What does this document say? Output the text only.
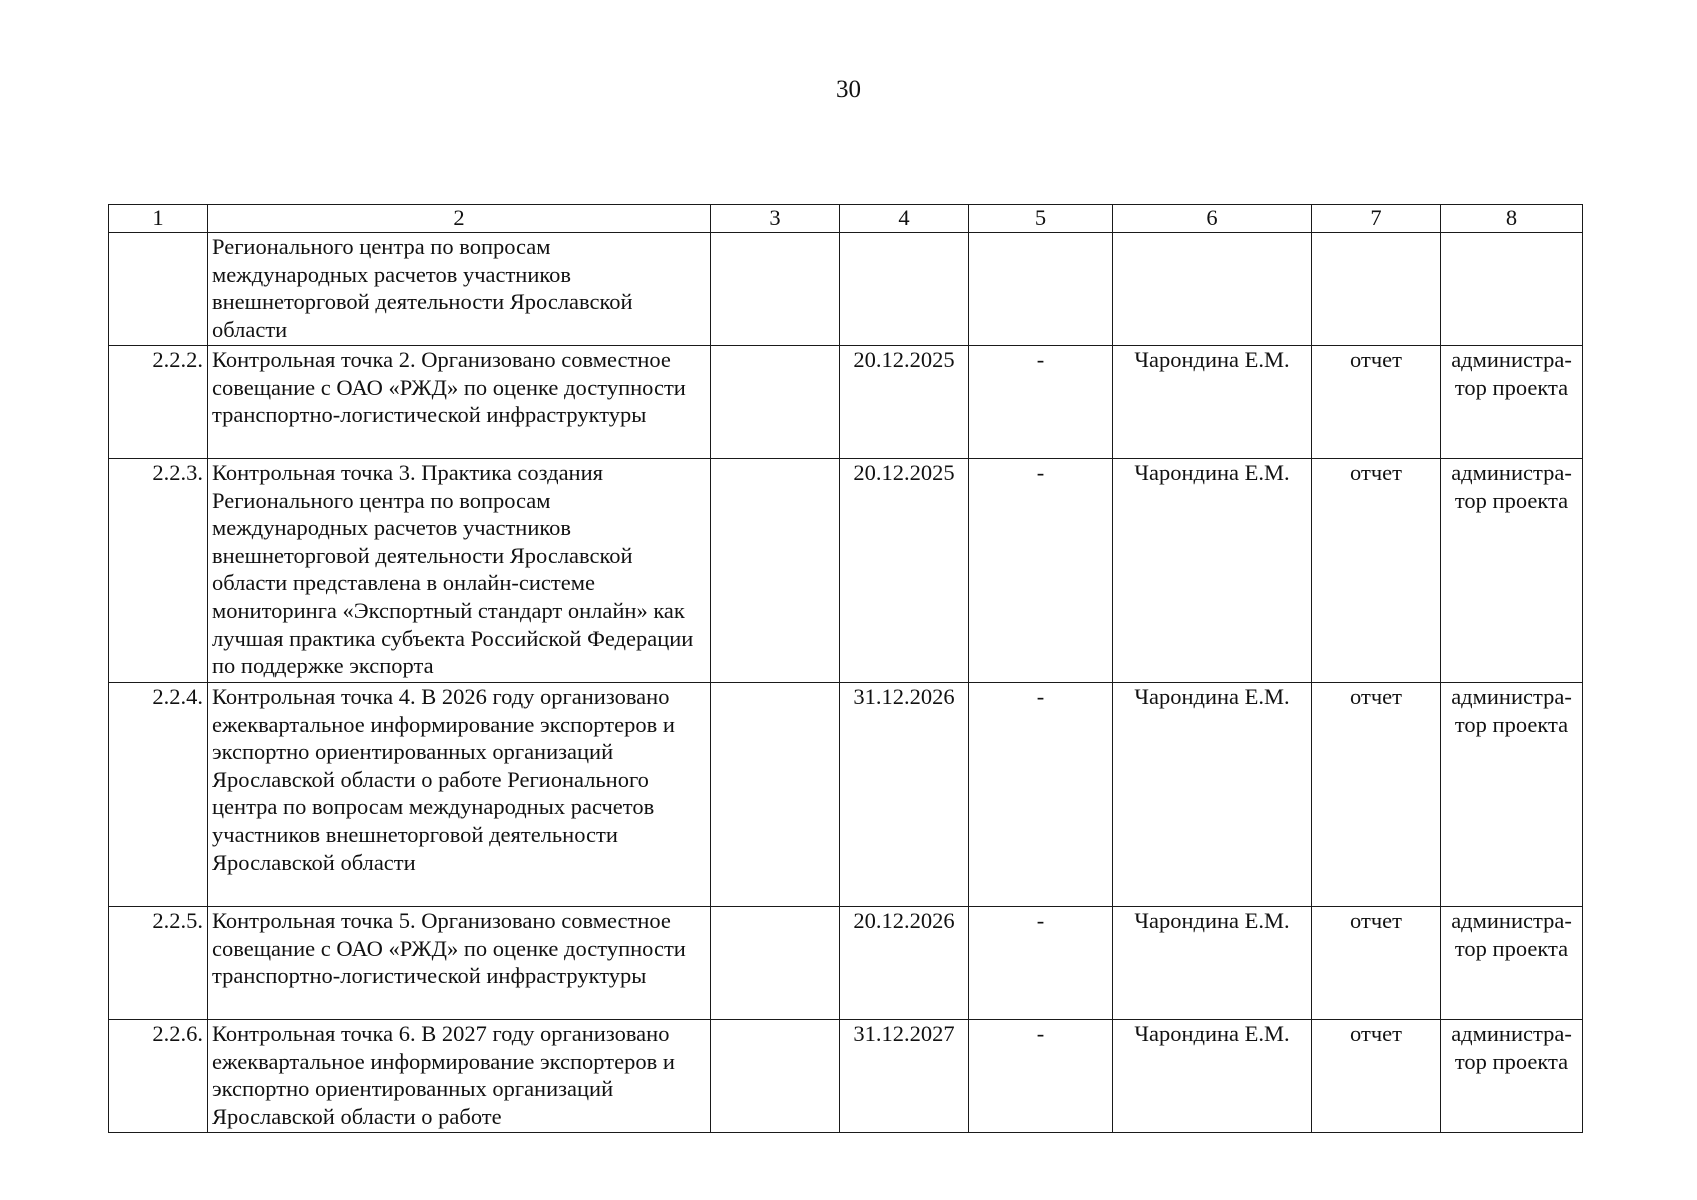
30
1	2	3	4	5	6	7	8
	Регионального центра по вопросам международных расчетов участников внешнеторговой деятельности Ярославской области						
2.2.2.	Контрольная точка 2. Организовано совместное совещание с ОАО «РЖД» по оценке доступности транспортно-логистической инфраструктуры		20.12.2025	-	Чарондина Е.М.	отчет	администра-тор проекта
2.2.3.	Контрольная точка 3. Практика создания Регионального центра по вопросам международных расчетов участников внешнеторговой деятельности Ярославской области представлена в онлайн-системе мониторинга «Экспортный стандарт онлайн» как лучшая практика субъекта Российской Федерации по поддержке экспорта		20.12.2025	-	Чарондина Е.М.	отчет	администра-тор проекта
2.2.4.	Контрольная точка 4. В 2026 году организовано ежеквартальное информирование экспортеров и экспортно ориентированных организаций Ярославской области о работе Регионального центра по вопросам международных расчетов участников внешнеторговой деятельности Ярославской области		31.12.2026	-	Чарондина Е.М.	отчет	администра-тор проекта
2.2.5.	Контрольная точка 5. Организовано совместное совещание с ОАО «РЖД» по оценке доступности транспортно-логистической инфраструктуры		20.12.2026	-	Чарондина Е.М.	отчет	администра-тор проекта
2.2.6.	Контрольная точка 6. В 2027 году организовано ежеквартальное информирование экспортеров и экспортно ориентированных организаций Ярославской области о работе		31.12.2027	-	Чарондина Е.М.	отчет	администра-тор проекта
